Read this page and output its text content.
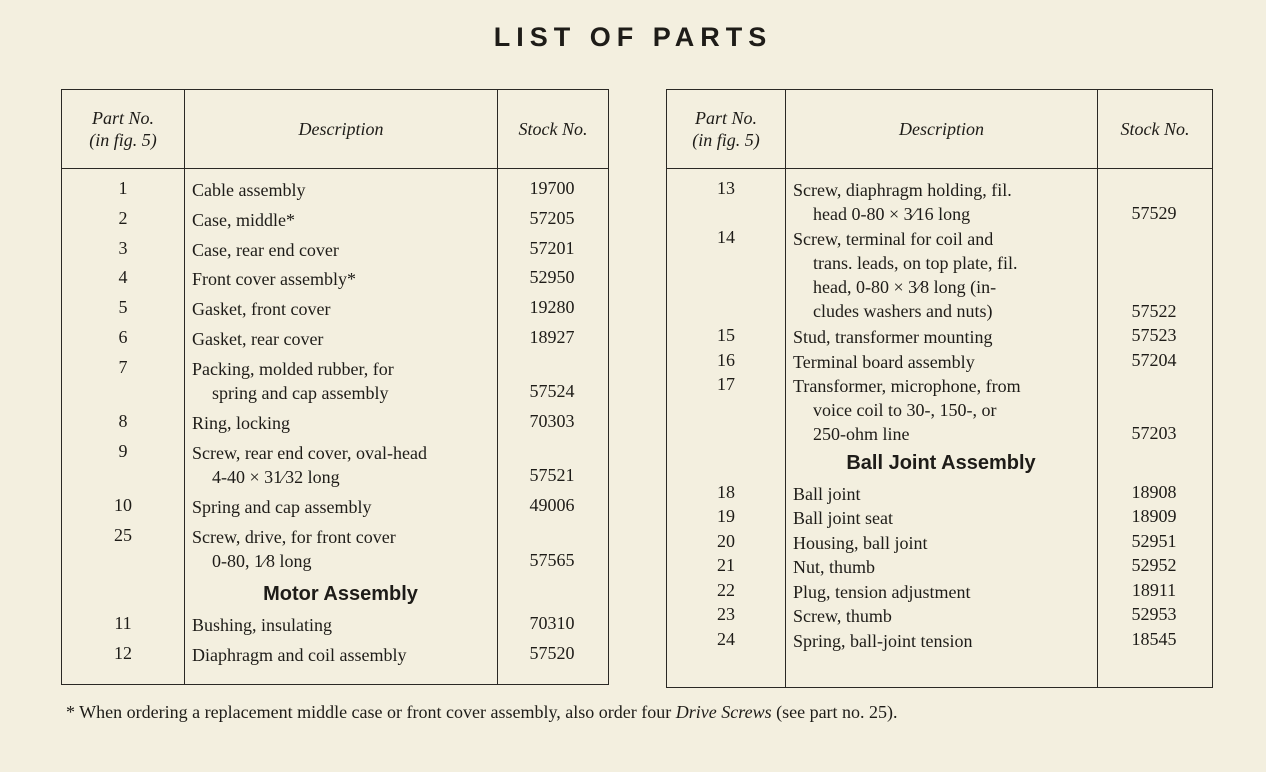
LIST OF PARTS
Part No.
(in fig. 5)
Description	Stock No.
1	Cable assembly	19700
2	Case, middle*	57205
3	Case, rear end cover	57201
4	Front cover assembly*	52950
5	Gasket, front cover	19280
6	Gasket, rear cover	18927
7	Packing, molded rubber, for
spring and cap assembly	57524
8	Ring, locking	70303
9	Screw, rear end cover, oval-head
4-40 × 31⁄32 long	57521
10	Spring and cap assembly	49006
25	Screw, drive, for front cover
0-80, 1⁄8 long	57565
Motor Assembly
11	Bushing, insulating	70310
12	Diaphragm and coil assembly	57520
Part No.
(in fig. 5)
Description	Stock No.
13	Screw, diaphragm holding, fil.
head 0-80 × 3⁄16 long	57529
14	Screw, terminal for coil and
trans. leads, on top plate, fil.
head, 0-80 × 3⁄8 long (in-
cludes washers and nuts)	57522
15	Stud, transformer mounting	57523
16	Terminal board assembly	57204
17	Transformer, microphone, from
voice coil to 30-, 150-, or
250-ohm line	57203
Ball Joint Assembly
18	Ball joint	18908
19	Ball joint seat	18909
20	Housing, ball joint	52951
21	Nut, thumb	52952
22	Plug, tension adjustment	18911
23	Screw, thumb	52953
24	Spring, ball-joint tension	18545
* When ordering a replacement middle case or front cover assembly, also order four Drive Screws (see part no. 25).
